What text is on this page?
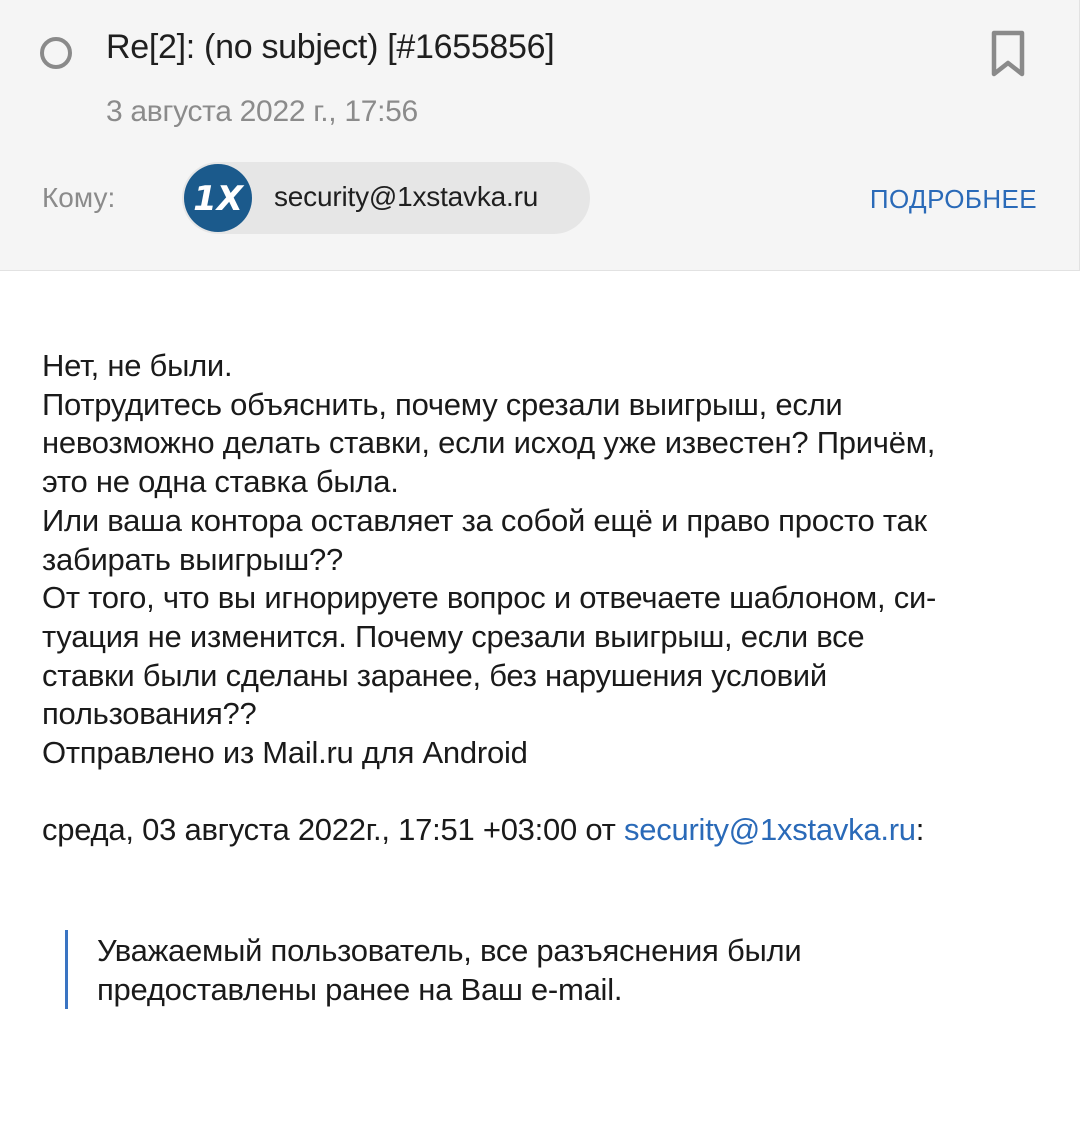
Re[2]: (no subject) [#1655856]
3 августа 2022 г., 17:56
Кому: 1X security@1xstavka.ru	ПОДРОБНЕЕ
Нет, не были.
Потрудитесь объяснить, почему срезали выигрыш, если
невозможно делать ставки, если исход уже известен? Причём,
это не одна ставка была.
Или ваша контора оставляет за собой ещё и право просто так
забирать выигрыш??
От того, что вы игнорируете вопрос и отвечаете шаблоном, си-
туация не изменится. Почему срезали выигрыш, если все
ставки были сделаны заранее, без нарушения условий
пользования??
Отправлено из Mail.ru для Android
среда, 03 августа 2022г., 17:51 +03:00 от security@1xstavka.ru:
Уважаемый пользователь, все разъяснения были
предоставлены ранее на Ваш e-mail.
